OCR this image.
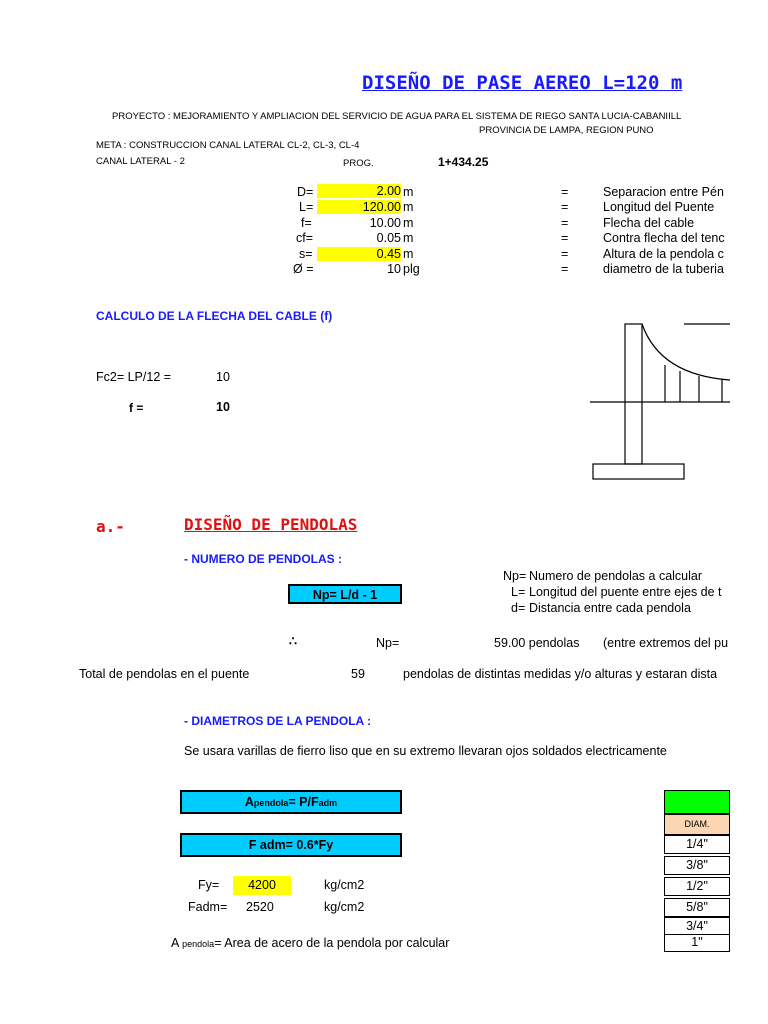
DISEÑO DE PASE AEREO L=120 m
PROYECTO : MEJORAMIENTO Y AMPLIACION DEL SERVICIO DE AGUA PARA EL SISTEMA DE RIEGO SANTA LUCIA-CABANIILL
PROVINCIA DE LAMPA, REGION PUNO
META : CONSTRUCCION CANAL LATERAL CL-2, CL-3, CL-4
CANAL LATERAL - 2	PROG.	1+434.25
D=	2.00 m	=	Separacion entre Pén
L=	120.00 m	=	Longitud del Puente
f=	10.00 m	=	Flecha del cable
cf=	0.05 m	=	Contra flecha del tenc
s=	0.45 m	=	Altura de la pendola c
Ø =	10 plg	=	diametro de la tuberia
CALCULO DE LA FLECHA DEL CABLE (f)
Fc2= LP/12 =	10
f =	10
a.-	DISEÑO DE PENDOLAS
- NUMERO DE PENDOLAS :
Np= L/d - 1
Np= Numero de pendolas a calcular
L= Longitud del puente entre ejes de t
d= Distancia entre cada pendola
∴	Np=	59.00 pendolas (entre extremos del pu
Total de pendolas en el puente	59	pendolas de distintas medidas y/o alturas y estaran dista
- DIAMETROS DE LA PENDOLA :
Se usara varillas de fierro liso que en su extremo llevaran ojos soldados electricamente
Apendola= P/Fadm
F adm= 0.6*Fy
Fy=	4200	kg/cm2
Fadm= 2520	kg/cm2
A pendola= Area de acero de la pendola por calcular
DIAM.
1/4"
3/8"
1/2"
5/8"
3/4"
1"
